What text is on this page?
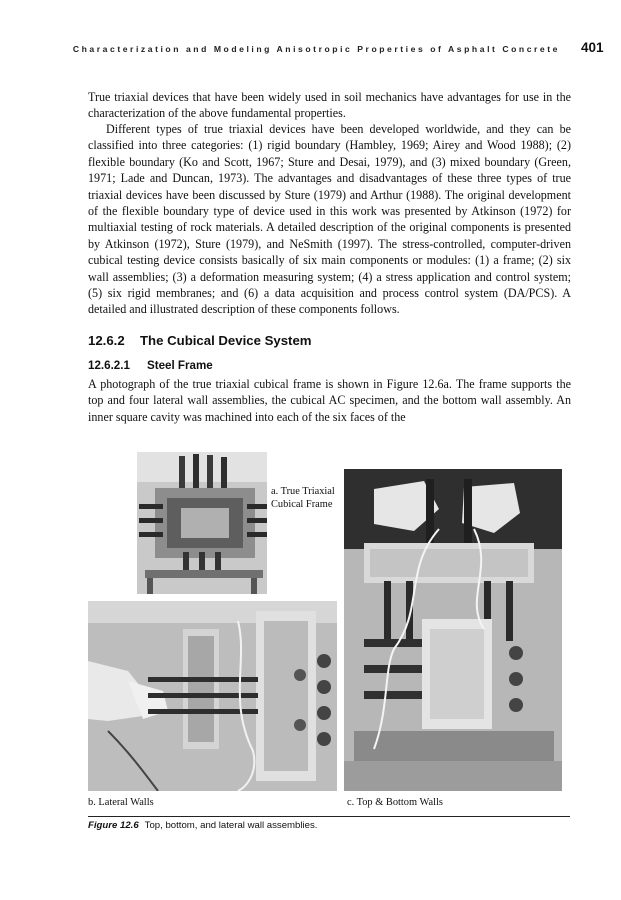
Characterization and Modeling Anisotropic Properties of Asphalt Concrete 401

True triaxial devices that have been widely used in soil mechanics have advantages for use in the characterization of the above fundamental properties.

Different types of true triaxial devices have been developed worldwide, and they can be classified into three categories: (1) rigid boundary (Hambley, 1969; Airey and Wood 1988); (2) flexible boundary (Ko and Scott, 1967; Sture and Desai, 1979), and (3) mixed boundary (Green, 1971; Lade and Duncan, 1973). The advantages and disadvantages of these three types of true triaxial devices have been discussed by Sture (1979) and Arthur (1988). The original development of the flexible boundary type of device used in this work was presented by Atkinson (1972) for multiaxial testing of rock materials. A detailed description of the original components is presented by Atkinson (1972), Sture (1979), and NeSmith (1997). The stress-controlled, computer-driven cubical testing device consists basically of six main components or modules: (1) a frame; (2) six wall assemblies; (3) a deformation measuring system; (4) a stress application and control system; (5) six rigid membranes; and (6) a data acquisition and process control system (DA/PCS). A detailed and illustrated description of these components follows.

12.6.2 The Cubical Device System
12.6.2.1 Steel Frame

A photograph of the true triaxial cubical frame is shown in Figure 12.6a. The frame supports the top and four lateral wall assemblies, the cubical AC specimen, and the bottom wall assembly. An inner square cavity was machined into each of the six faces of the

a. True Triaxial
Cubical Frame
b. Lateral Walls	c. Top & Bottom Walls
Figure 12.6 Top, bottom, and lateral wall assemblies.
